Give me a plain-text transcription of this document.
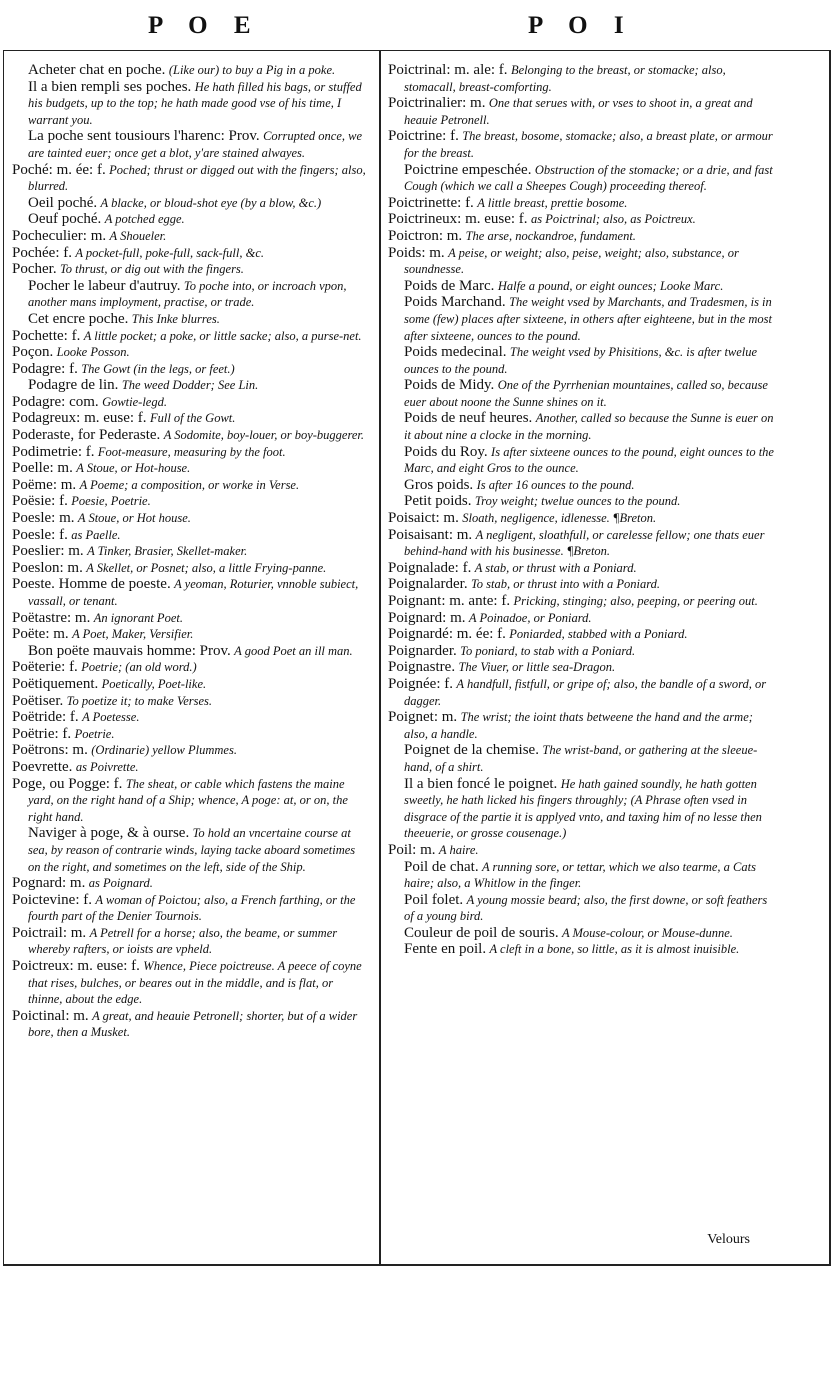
P O E	P O I

Acheter chat en poche. (Like our) to buy a Pig in a poke.

Il a bien rempli ses poches. He hath filled his bags, or stuffed his budgets, up to the top; he hath made good vse of his time, I warrant you.

La poche sent tousiours l'harenc: Prov. Corrupted once, we are tainted euer; once get a blot, y'are stained alwayes.

Poché: m. ée: f. Poched; thrust or digged out with the fingers; also, blurred.

Oeil poché. A blacke, or bloud-shot eye (by a blow, &c.)

Oeuf poché. A potched egge.

Pocheculier: m. A Shoueler.

Pochée: f. A pocket-full, poke-full, sack-full, &c.

Pocher. To thrust, or dig out with the fingers.

Pocher le labeur d'autruy. To poche into, or incroach vpon, another mans imployment, practise, or trade.

Cet encre poche. This Inke blurres.

Pochette: f. A little pocket; a poke, or little sacke; also, a purse-net.

Poçon. Looke Posson.

Podagre: f. The Gowt (in the legs, or feet.)

Podagre de lin. The weed Dodder; See Lin.

Podagre: com. Gowtie-legd.

Podagreux: m. euse: f. Full of the Gowt.

Poderaste, for Pederaste. A Sodomite, boy-louer, or boy-buggerer.

Podimetrie: f. Foot-measure, measuring by the foot.

Poelle: m. A Stoue, or Hot-house.

Poëme: m. A Poeme; a composition, or worke in Verse.

Poësie: f. Poesie, Poetrie.

Poesle: m. A Stoue, or Hot house.

Poesle: f. as Paelle.

Poeslier: m. A Tinker, Brasier, Skellet-maker.

Poeslon: m. A Skellet, or Posnet; also, a little Frying-panne.

Poeste. Homme de poeste. A yeoman, Roturier, vnnoble subiect, vassall, or tenant.

Poëtastre: m. An ignorant Poet.

Poëte: m. A Poet, Maker, Versifier.

Bon poëte mauvais homme: Prov. A good Poet an ill man.

Poëterie: f. Poetrie; (an old word.)

Poëtiquement. Poetically, Poet-like.

Poëtiser. To poetize it; to make Verses.

Poëtride: f. A Poetesse.

Poëtrie: f. Poetrie.

Poëtrons: m. (Ordinarie) yellow Plummes.

Poevrette. as Poivrette.

Poge, ou Pogge: f. The sheat, or cable which fastens the maine yard, on the right hand of a Ship; whence, A poge: at, or on, the right hand.

Naviger à poge, & à ourse. To hold an vncertaine course at sea, by reason of contrarie winds, laying tacke aboard sometimes on the right, and sometimes on the left, side of the Ship.

Pognard: m. as Poignard.

Poictevine: f. A woman of Poictou; also, a French farthing, or the fourth part of the Denier Tournois.

Poictrail: m. A Petrell for a horse; also, the beame, or summer whereby rafters, or ioists are vpheld.

Poictreux: m. euse: f. Whence, Piece poictreuse. A peece of coyne that rises, bulches, or beares out in the middle, and is flat, or thinne, about the edge.

Poictinal: m. A great, and heauie Petronell; shorter, but of a wider bore, then a Musket.

Poictrinal: m. ale: f. Belonging to the breast, or stomacke; also, stomacall, breast-comforting.

Poictrinalier: m. One that serues with, or vses to shoot in, a great and heauie Petronell.

Poictrine: f. The breast, bosome, stomacke; also, a breast plate, or armour for the breast.

Poictrine empeschée. Obstruction of the stomacke; or a drie, and fast Cough (which we call a Sheepes Cough) proceeding thereof.

Poictrinette: f. A little breast, prettie bosome.

Poictrineux: m. euse: f. as Poictrinal; also, as Poictreux.

Poictron: m. The arse, nockandroe, fundament.

Poids: m. A peise, or weight; also, peise, weight; also, substance, or soundnesse.

Poids de Marc. Halfe a pound, or eight ounces; Looke Marc.

Poids Marchand. The weight vsed by Marchants, and Tradesmen, is in some (few) places after sixteene, in others after eighteene, but in the most after sixteene, ounces to the pound.

Poids medecinal. The weight vsed by Phisitions, &c. is after twelue ounces to the pound.

Poids de Midy. One of the Pyrrhenian mountaines, called so, because euer about noone the Sunne shines on it.

Poids de neuf heures. Another, called so because the Sunne is euer on it about nine a clocke in the morning.

Poids du Roy. Is after sixteene ounces to the pound, eight ounces to the Marc, and eight Gros to the ounce.

Gros poids. Is after 16 ounces to the pound.

Petit poids. Troy weight; twelue ounces to the pound.

Poisaict: m. Sloath, negligence, idlenesse. ¶Breton.

Poisaisant: m. A negligent, sloathfull, or carelesse fellow; one thats euer behind-hand with his businesse. ¶Breton.

Poignalade: f. A stab, or thrust with a Poniard.

Poignalarder. To stab, or thrust into with a Poniard.

Poignant: m. ante: f. Pricking, stinging; also, peeping, or peering out.

Poignard: m. A Poinadoe, or Poniard.

Poignardé: m. ée: f. Poniarded, stabbed with a Poniard.

Poignarder. To poniard, to stab with a Poniard.

Poignastre. The Viuer, or little sea-Dragon.

Poignée: f. A handfull, fistfull, or gripe of; also, the bandle of a sword, or dagger.

Poignet: m. The wrist; the ioint thats betweene the hand and the arme; also, a handle.

Poignet de la chemise. The wrist-band, or gathering at the sleeue-hand, of a shirt.

Il a bien foncé le poignet. He hath gained soundly, he hath gotten sweetly, he hath licked his fingers throughly; (A Phrase often vsed in disgrace of the partie it is applyed vnto, and taxing him of no lesse then theeuerie, or grosse cousenage.)

Poil: m. A haire.

Poil de chat. A running sore, or tettar, which we also tearme, a Cats haire; also, a Whitlow in the finger.

Poil folet. A young mossie beard; also, the first downe, or soft feathers of a young bird.

Couleur de poil de souris. A Mouse-colour, or Mouse-dunne.

Fente en poil. A cleft in a bone, so little, as it is almost inuisible.

Velours
